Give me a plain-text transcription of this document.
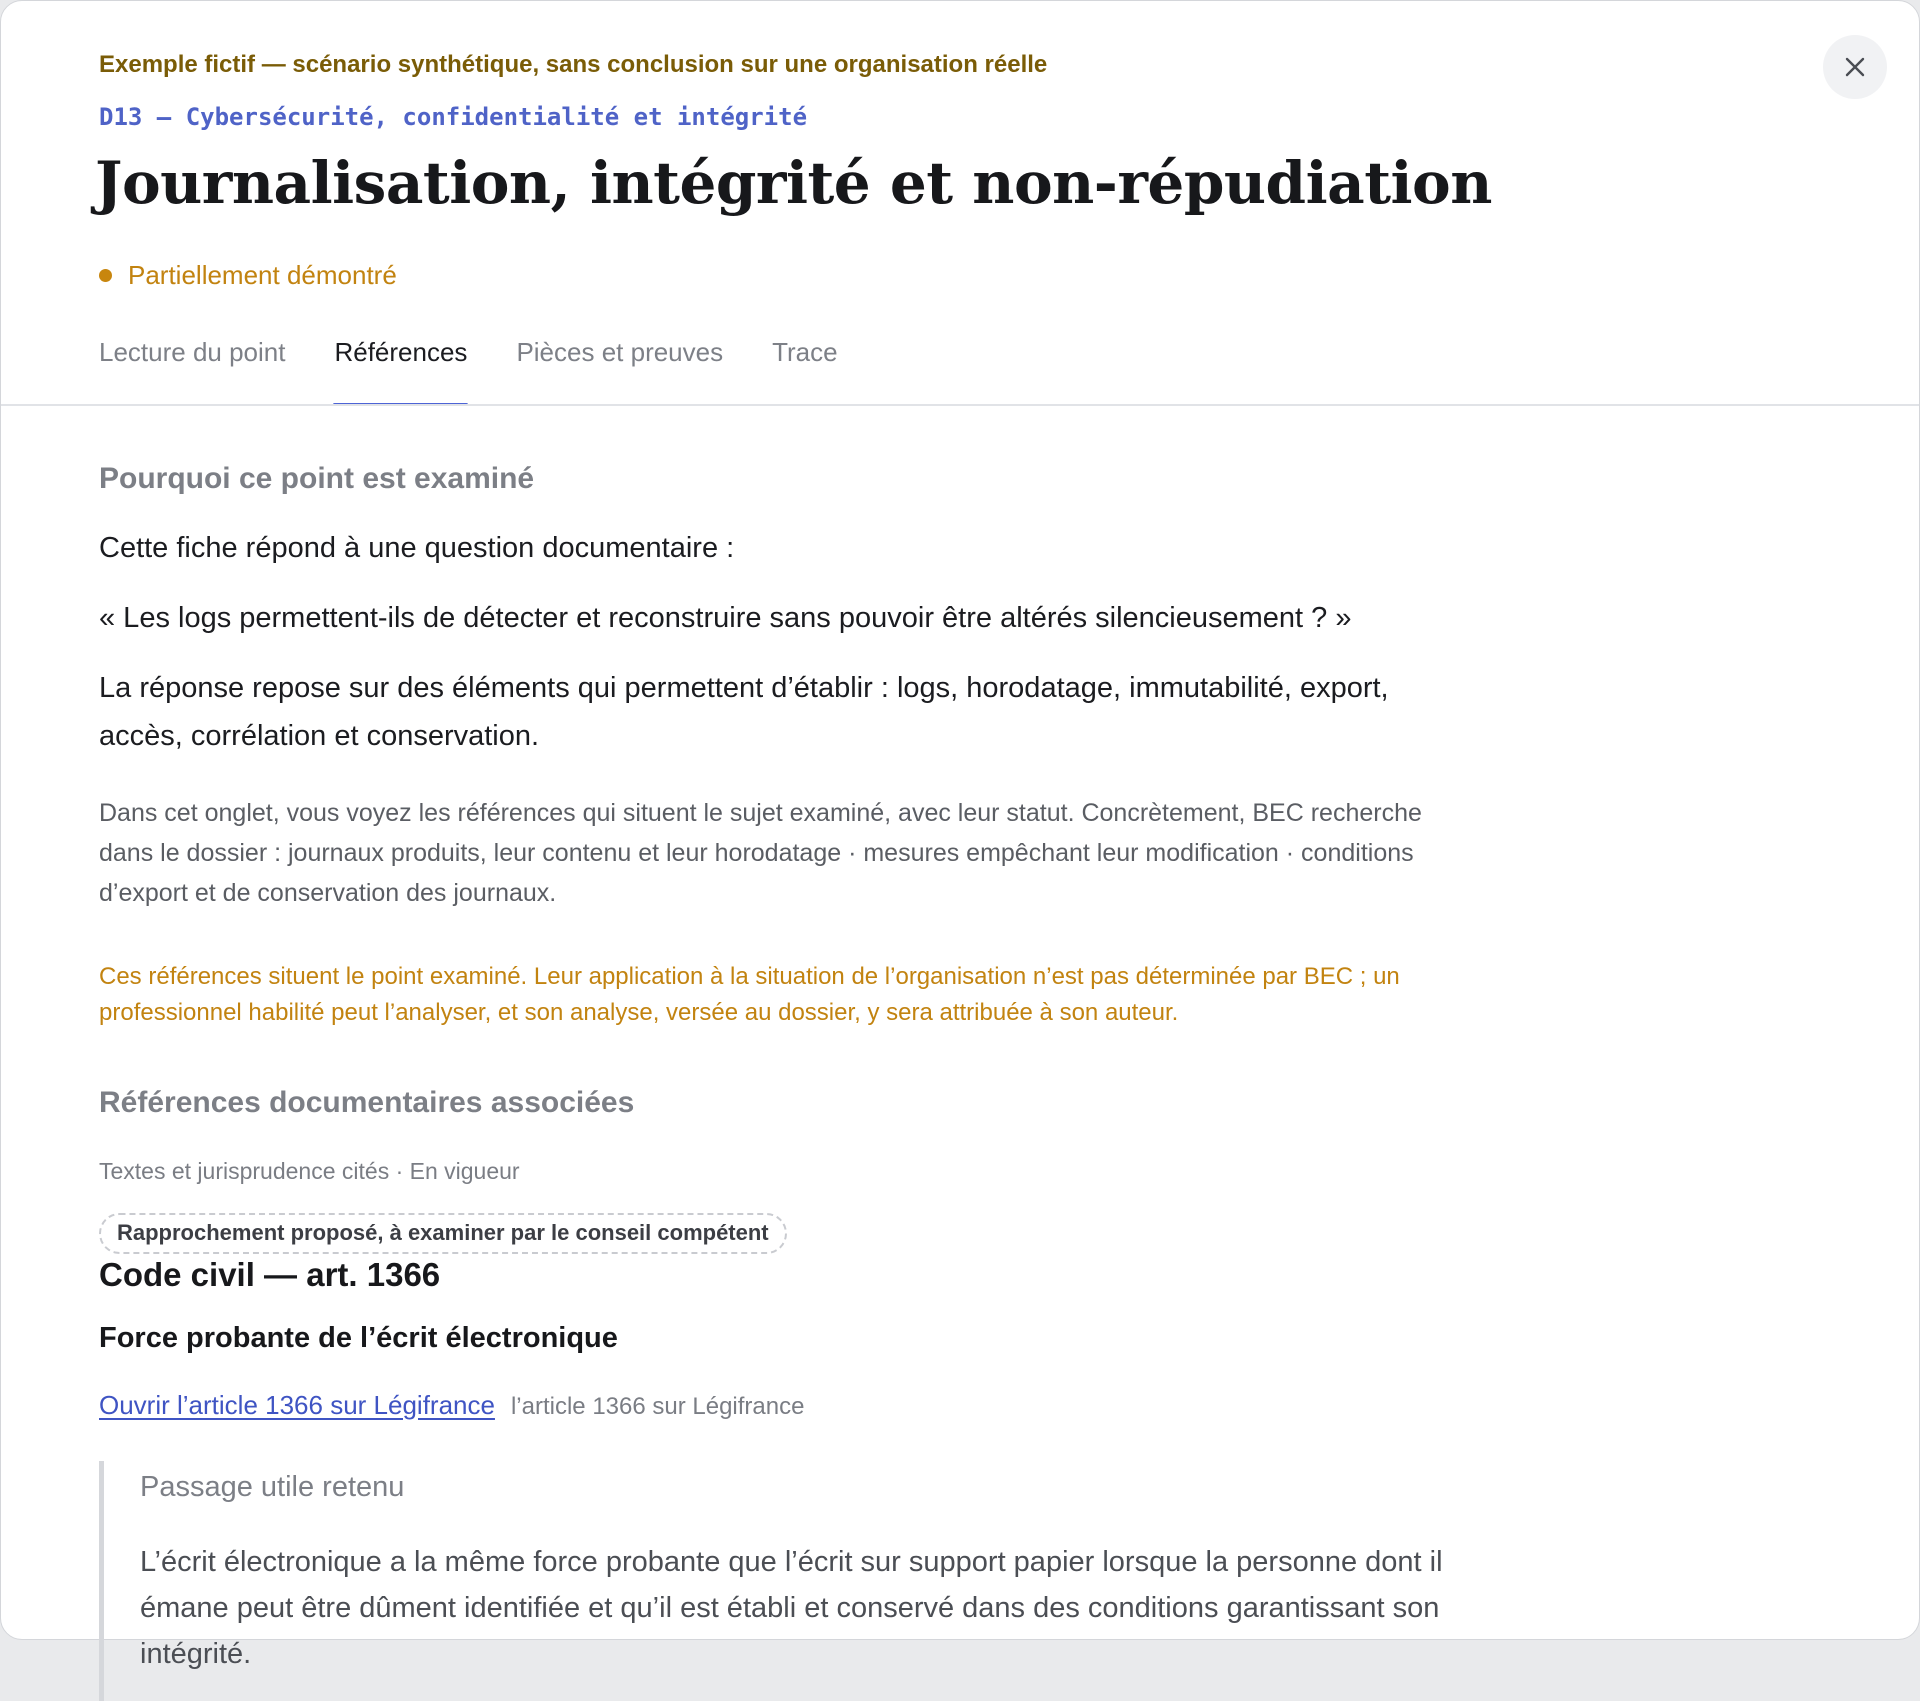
Exemple fictif — scénario synthétique, sans conclusion sur une organisation réelle
D13 — Cybersécurité, confidentialité et intégrité
Journalisation, intégrité et non-répudiation
Partiellement démontré
Lecture du point Références Pièces et preuves Trace
Pourquoi ce point est examiné

Cette fiche répond à une question documentaire :

« Les logs permettent-ils de détecter et reconstruire sans pouvoir être altérés silencieusement ? »

La réponse repose sur des éléments qui permettent d’établir : logs, horodatage, immutabilité, export,

accès, corrélation et conservation.

Dans cet onglet, vous voyez les références qui situent le sujet examiné, avec leur statut. Concrètement, BEC recherche

dans le dossier : journaux produits, leur contenu et leur horodatage · mesures empêchant leur modification · conditions

d’export et de conservation des journaux.

Ces références situent le point examiné. Leur application à la situation de l’organisation n’est pas déterminée par BEC ; un

professionnel habilité peut l’analyser, et son analyse, versée au dossier, y sera attribuée à son auteur.

Références documentaires associées

Textes et jurisprudence cités · En vigueur

Rapprochement proposé, à examiner par le conseil compétent
Code civil — art. 1366
Force probante de l’écrit électronique
Ouvrir l’article 1366 sur Légifrance l’article 1366 sur Légifrance

Passage utile retenu

L’écrit électronique a la même force probante que l’écrit sur support papier lorsque la personne dont il

émane peut être dûment identifiée et qu’il est établi et conservé dans des conditions garantissant son

intégrité.
